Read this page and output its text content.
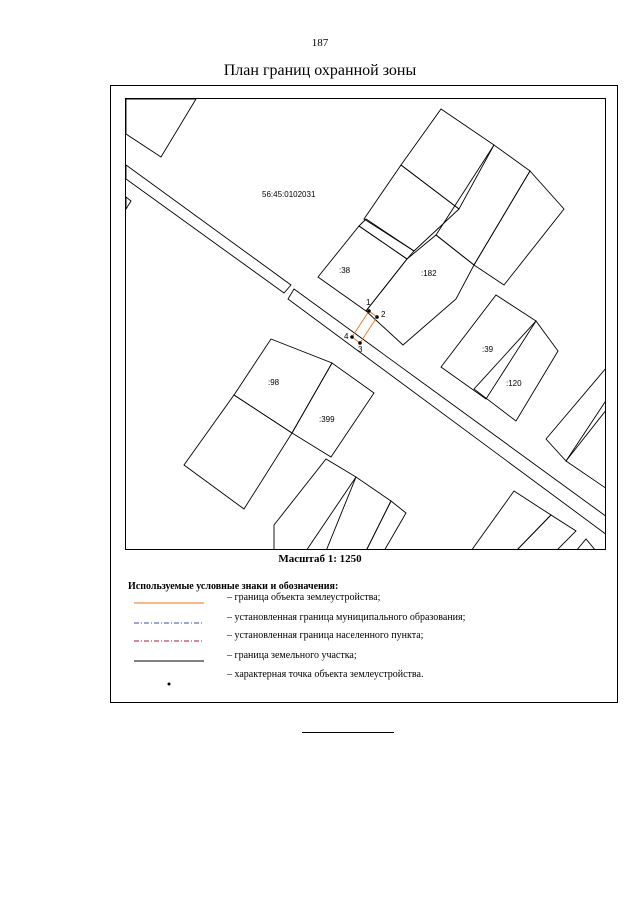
187
План границ охранной зоны
56:45:0102031
:38	:182
:39
:120
:98
:399
1
2
3
4
Масштаб 1: 1250
Используемые условные знаки и обозначения:
– граница объекта землеустройства;
– установленная граница муниципального образования;
– установленная граница населенного пункта;
– граница земельного участка;
– характерная точка объекта землеустройства.
